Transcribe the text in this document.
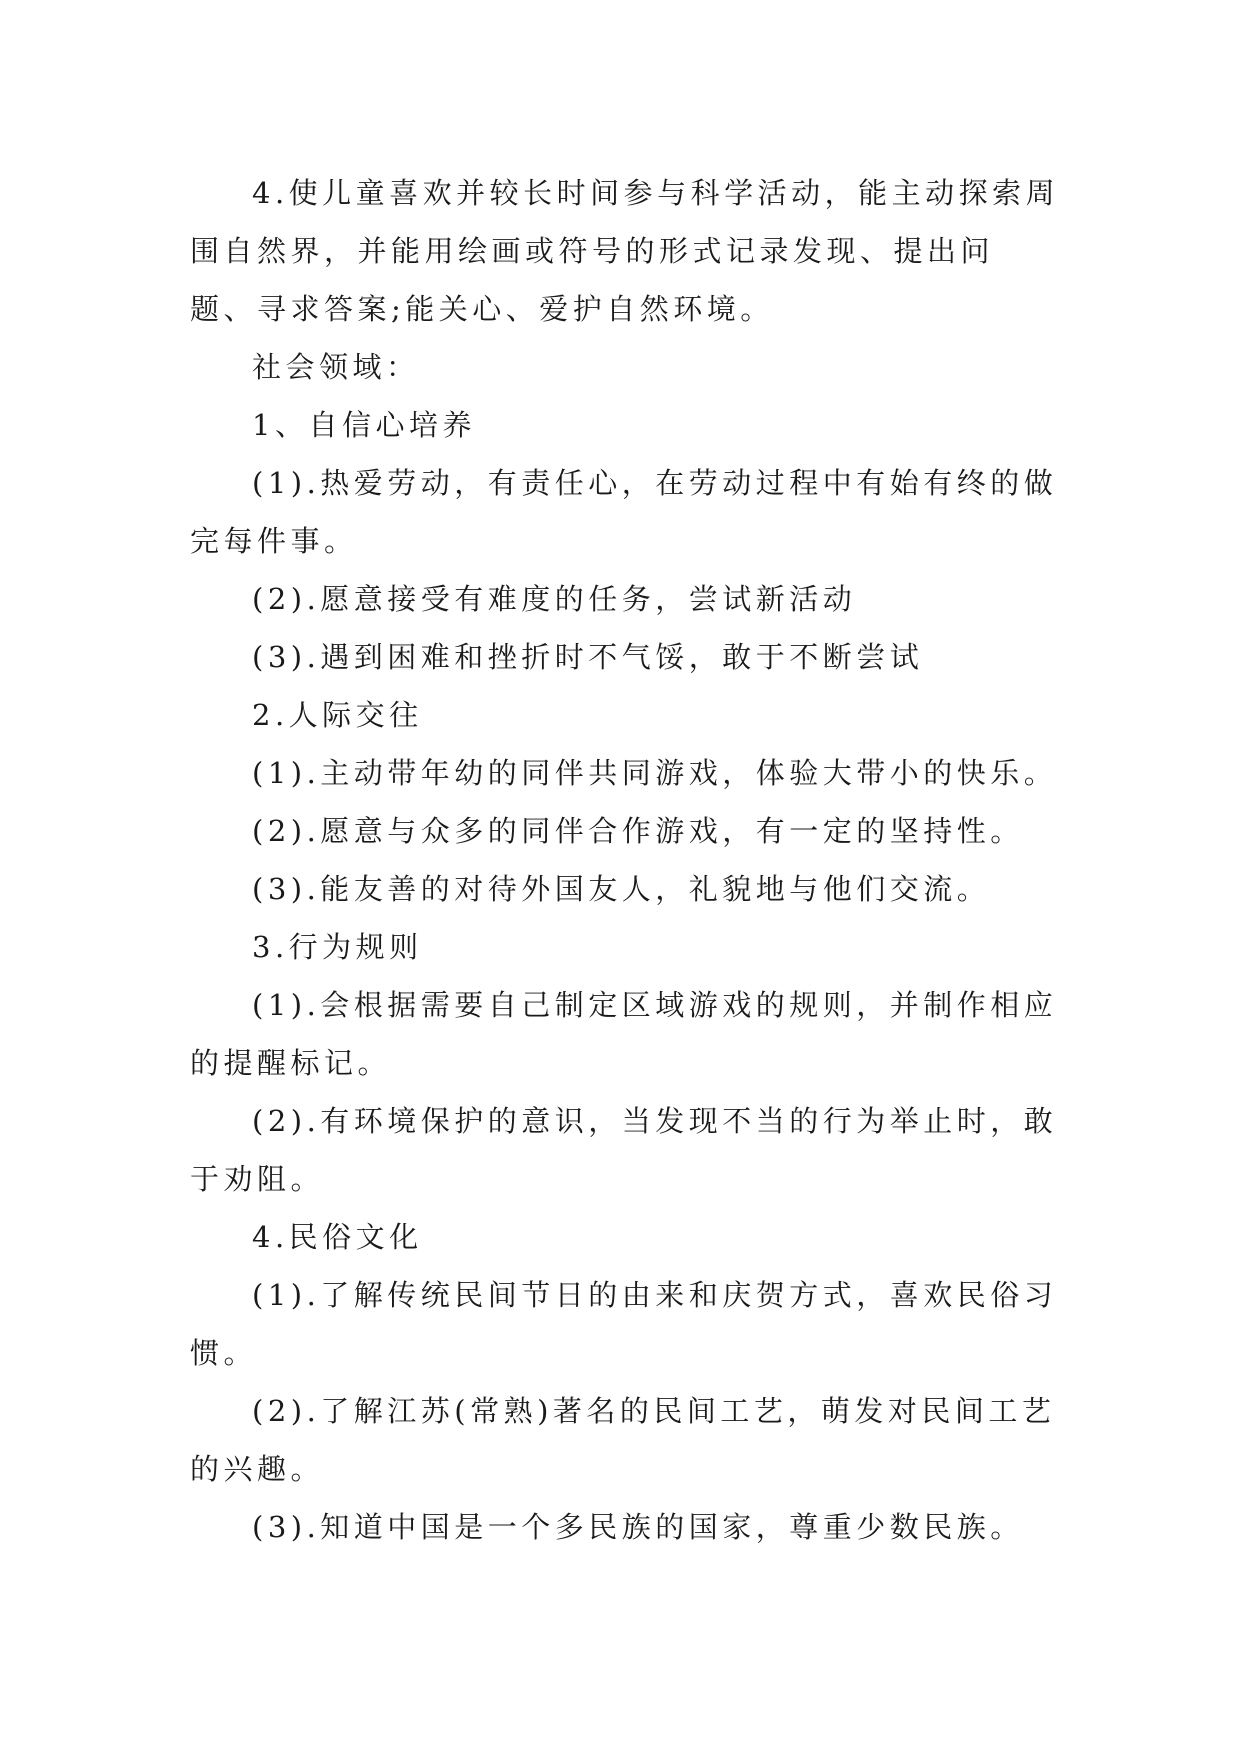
4.使儿童喜欢并较长时间参与科学活动，能主动探索周围自然界，并能用绘画或符号的形式记录发现、提出问题、寻求答案;能关心、爱护自然环境。

社会领域：

1、自信心培养

(1).热爱劳动，有责任心，在劳动过程中有始有终的做完每件事。

(2).愿意接受有难度的任务，尝试新活动

(3).遇到困难和挫折时不气馁，敢于不断尝试

2.人际交往

(1).主动带年幼的同伴共同游戏，体验大带小的快乐。

(2).愿意与众多的同伴合作游戏，有一定的坚持性。

(3).能友善的对待外国友人，礼貌地与他们交流。

3.行为规则

(1).会根据需要自己制定区域游戏的规则，并制作相应的提醒标记。

(2).有环境保护的意识，当发现不当的行为举止时，敢于劝阻。

4.民俗文化

(1).了解传统民间节日的由来和庆贺方式，喜欢民俗习惯。

(2).了解江苏(常熟)著名的民间工艺，萌发对民间工艺的兴趣。

(3).知道中国是一个多民族的国家，尊重少数民族。
